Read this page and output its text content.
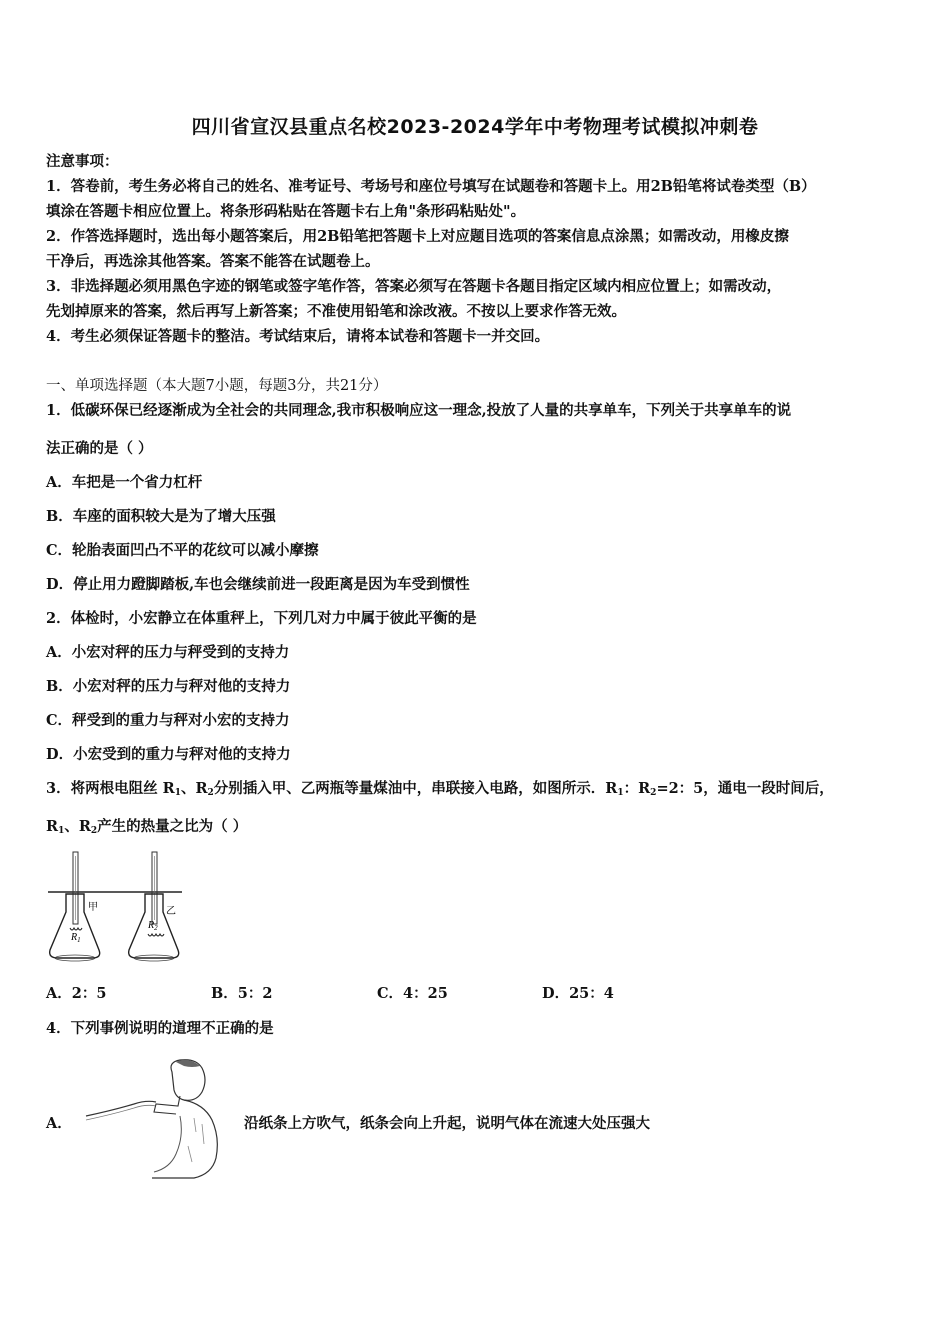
四川省宣汉县重点名校2023-2024学年中考物理考试模拟冲刺卷
注意事项：
1．答卷前，考生务必将自己的姓名、准考证号、考场号和座位号填写在试题卷和答题卡上。用2B铅笔将试卷类型（B）
填涂在答题卡相应位置上。将条形码粘贴在答题卡右上角"条形码粘贴处"。
2．作答选择题时，选出每小题答案后，用2B铅笔把答题卡上对应题目选项的答案信息点涂黑；如需改动，用橡皮擦
干净后，再选涂其他答案。答案不能答在试题卷上。
3．非选择题必须用黑色字迹的钢笔或签字笔作答，答案必须写在答题卡各题目指定区域内相应位置上；如需改动，
先划掉原来的答案，然后再写上新答案；不准使用铅笔和涂改液。不按以上要求作答无效。
4．考生必须保证答题卡的整洁。考试结束后，请将本试卷和答题卡一并交回。
一、单项选择题（本大题7小题，每题3分，共21分）
1．低碳环保已经逐渐成为全社会的共同理念,我市积极响应这一理念,投放了人量的共享单车，下列关于共享单车的说
法正确的是（ ）
A．车把是一个省力杠杆
B．车座的面积较大是为了增大压强
C．轮胎表面凹凸不平的花纹可以减小摩擦
D．停止用力蹬脚踏板,车也会继续前进一段距离是因为车受到惯性
2．体检时，小宏静立在体重秤上，下列几对力中属于彼此平衡的是
A．小宏对秤的压力与秤受到的支持力
B．小宏对秤的压力与秤对他的支持力
C．秤受到的重力与秤对小宏的支持力
D．小宏受到的重力与秤对他的支持力
3．将两根电阻丝 $R_1$、$R_2$分别插入甲、乙两瓶等量煤油中，串联接入电路，如图所示．$R_1$：$R_2=2$：5，通电一段时间后，
$R_1$、$R_2$产生的热量之比为（ ）
$R_1$
甲
$R_2$
乙
A．2：5	B．5：2	C．4：25	D．25：4
4．下列事例说明的道理不正确的是
A．	沿纸条上方吹气，纸条会向上升起，说明气体在流速大处压强大
